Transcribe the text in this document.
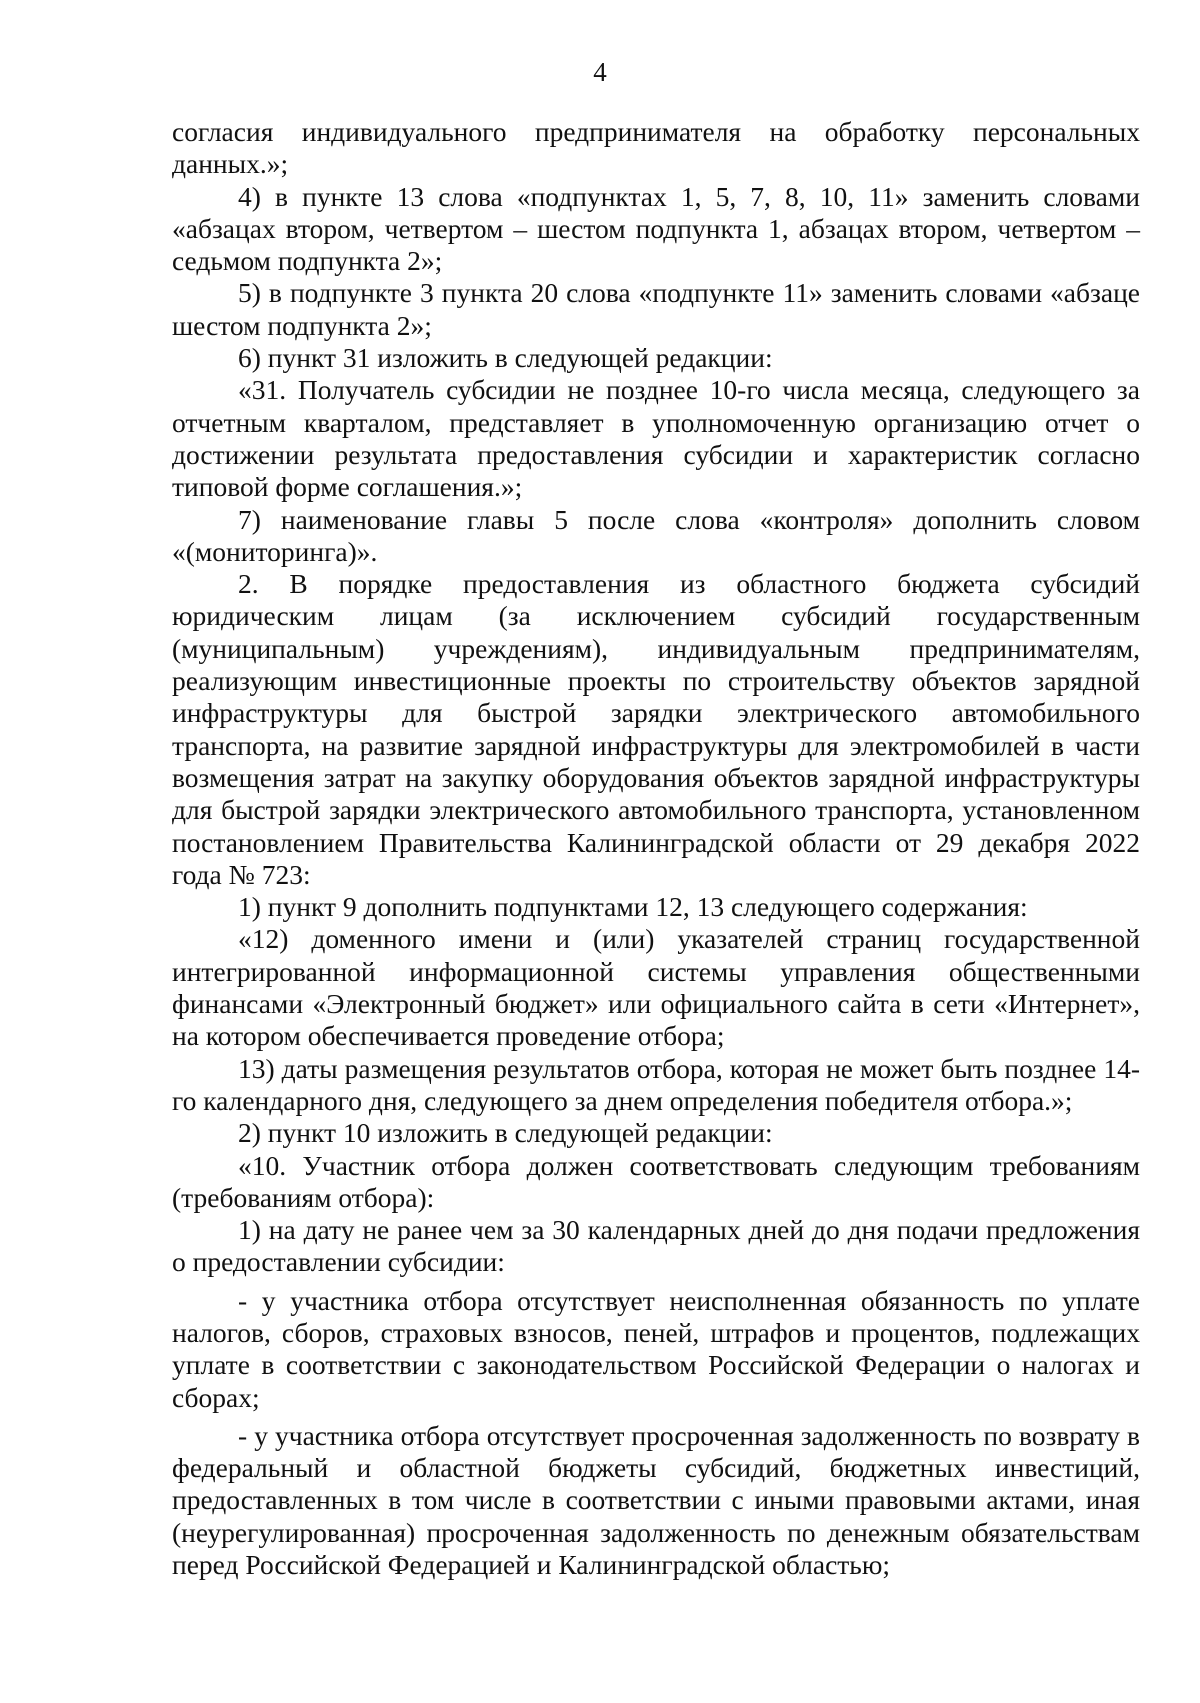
4

согласия индивидуального предпринимателя на обработку персональных данных.»;

4) в пункте 13 слова «подпунктах 1, 5, 7, 8, 10, 11» заменить словами «абзацах втором, четвертом – шестом подпункта 1, абзацах втором, четвертом – седьмом подпункта 2»;

5) в подпункте 3 пункта 20 слова «подпункте 11» заменить словами «абзаце шестом подпункта 2»;

6) пункт 31 изложить в следующей редакции:

«31. Получатель субсидии не позднее 10-го числа месяца, следующего за отчетным кварталом, представляет в уполномоченную организацию отчет о достижении результата предоставления субсидии и характеристик согласно типовой форме соглашения.»;

7) наименование главы 5 после слова «контроля» дополнить словом «(мониторинга)».

2. В порядке предоставления из областного бюджета субсидий юридическим лицам (за исключением субсидий государственным (муниципальным) учреждениям), индивидуальным предпринимателям, реализующим инвестиционные проекты по строительству объектов зарядной инфраструктуры для быстрой зарядки электрического автомобильного транспорта, на развитие зарядной инфраструктуры для электромобилей в части возмещения затрат на закупку оборудования объектов зарядной инфраструктуры для быстрой зарядки электрического автомобильного транспорта, установленном постановлением Правительства Калининградской области от 29 декабря 2022 года № 723:

1) пункт 9 дополнить подпунктами 12, 13 следующего содержания:

«12) доменного имени и (или) указателей страниц государственной интегрированной информационной системы управления общественными финансами «Электронный бюджет» или официального сайта в сети «Интернет», на котором обеспечивается проведение отбора;

13) даты размещения результатов отбора, которая не может быть позднее 14-го календарного дня, следующего за днем определения победителя отбора.»;

2) пункт 10 изложить в следующей редакции:

«10. Участник отбора должен соответствовать следующим требованиям (требованиям отбора):

1) на дату не ранее чем за 30 календарных дней до дня подачи предложения о предоставлении субсидии:

- у участника отбора отсутствует неисполненная обязанность по уплате налогов, сборов, страховых взносов, пеней, штрафов и процентов, подлежащих уплате в соответствии с законодательством Российской Федерации о налогах и сборах;

- у участника отбора отсутствует просроченная задолженность по возврату в федеральный и областной бюджеты субсидий, бюджетных инвестиций, предоставленных в том числе в соответствии с иными правовыми актами, иная (неурегулированная) просроченная задолженность по денежным обязательствам перед Российской Федерацией и Калининградской областью;
